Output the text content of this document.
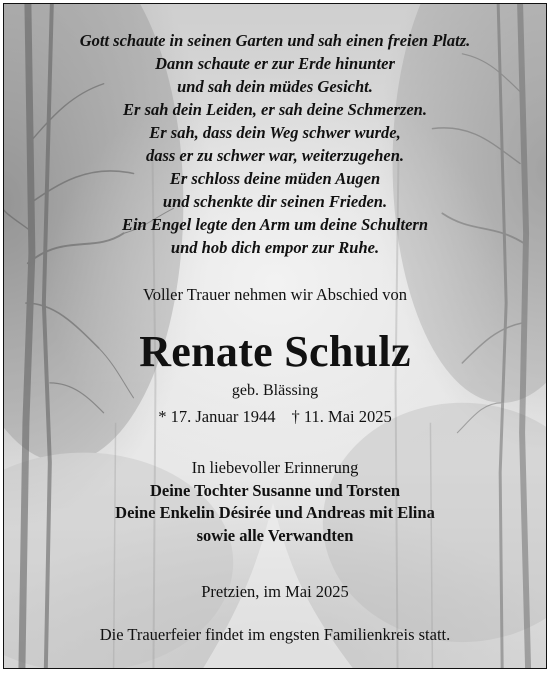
Gott schaute in seinen Garten und sah einen freien Platz.
Dann schaute er zur Erde hinunter
und sah dein müdes Gesicht.
Er sah dein Leiden, er sah deine Schmerzen.
Er sah, dass dein Weg schwer wurde,
dass er zu schwer war, weiterzugehen.
Er schloss deine müden Augen
und schenkte dir seinen Frieden.
Ein Engel legte den Arm um deine Schultern
und hob dich empor zur Ruhe.
Voller Trauer nehmen wir Abschied von
Renate Schulz
geb. Blässing
* 17. Januar 1944 † 11. Mai 2025
In liebevoller Erinnerung
Deine Tochter Susanne und Torsten
Deine Enkelin Désirée und Andreas mit Elina
sowie alle Verwandten
Pretzien, im Mai 2025
Die Trauerfeier findet im engsten Familienkreis statt.
